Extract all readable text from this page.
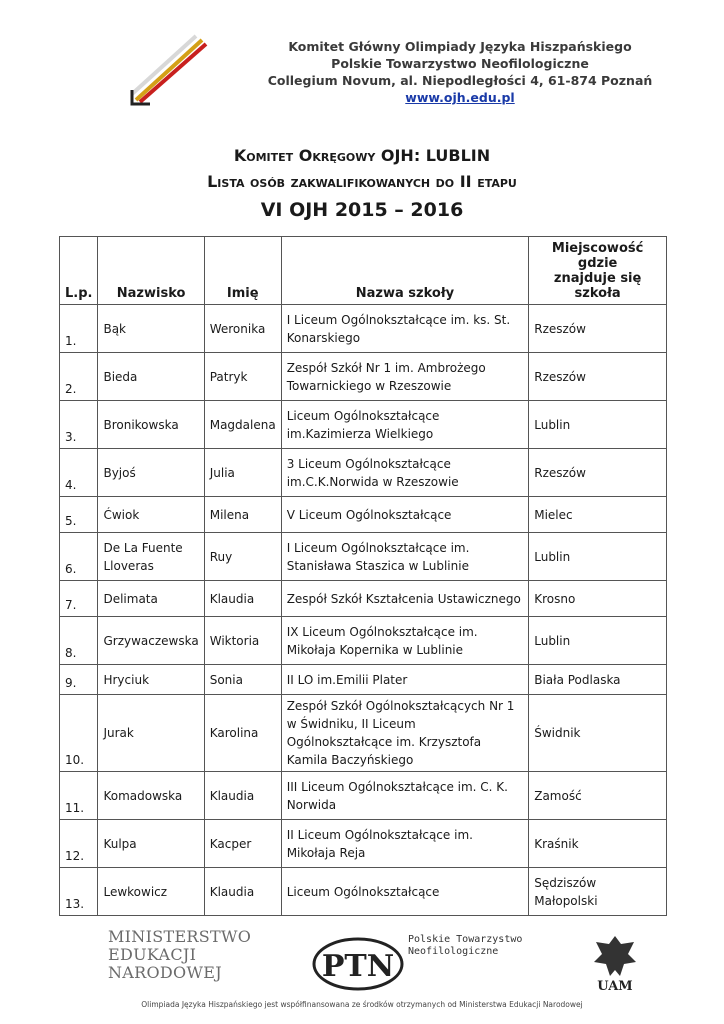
Komitet Główny Olimpiady Języka Hiszpańskiego
Polskie Towarzystwo Neofilologiczne
Collegium Novum, al. Niepodległości 4, 61-874 Poznań
www.ojh.edu.pl
Komitet Okręgowy OJH: LUBLIN
Lista osób zakwalifikowanych do II etapu
VI OJH 2015 – 2016
L.p.	Nazwisko	Imię	Nazwa szkoły	Miejscowość
gdzie
znajduje się
szkoła

1.	Bąk	Weronika	I Liceum Ogólnokształcące im. ks. St. Konarskiego	Rzeszów
2.	Bieda	Patryk	Zespół Szkół Nr 1 im. Ambrożego Towarnickiego w Rzeszowie	Rzeszów
3.	Bronikowska	Magdalena	Liceum Ogólnokształcące im.Kazimierza Wielkiego	Lublin
4.	Byjoś	Julia	3 Liceum Ogólnokształcące im.C.K.Norwida w Rzeszowie	Rzeszów
5.	Ćwiok	Milena	V Liceum Ogólnokształcące	Mielec
6.	De La Fuente Lloveras	Ruy	I Liceum Ogólnokształcące im. Stanisława Staszica w Lublinie	Lublin
7.	Delimata	Klaudia	Zespół Szkół Kształcenia Ustawicznego	Krosno
8.	Grzywaczewska	Wiktoria	IX Liceum Ogólnokształcące im. Mikołaja Kopernika w Lublinie	Lublin
9.	Hryciuk	Sonia	II LO im.Emilii Plater	Biała Podlaska
10.	Jurak	Karolina	Zespół Szkół Ogólnokształcących Nr 1 w Świdniku, II Liceum Ogólnokształcące im. Krzysztofa Kamila Baczyńskiego	Świdnik
11.	Komadowska	Klaudia	III Liceum Ogólnokształcące im. C. K. Norwida	Zamość
12.	Kulpa	Kacper	II Liceum Ogólnokształcące im. Mikołaja Reja	Kraśnik
13.	Lewkowicz	Klaudia	Liceum Ogólnokształcące	Sędziszów Małopolski
MINISTERSTWO
EDUKACJI
NARODOWEJ	PTN
Polskie Towarzystwo
Neofilologiczne
UAM
Olimpiada Języka Hiszpańskiego jest współfinansowana ze środków otrzymanych od Ministerstwa Edukacji Narodowej
